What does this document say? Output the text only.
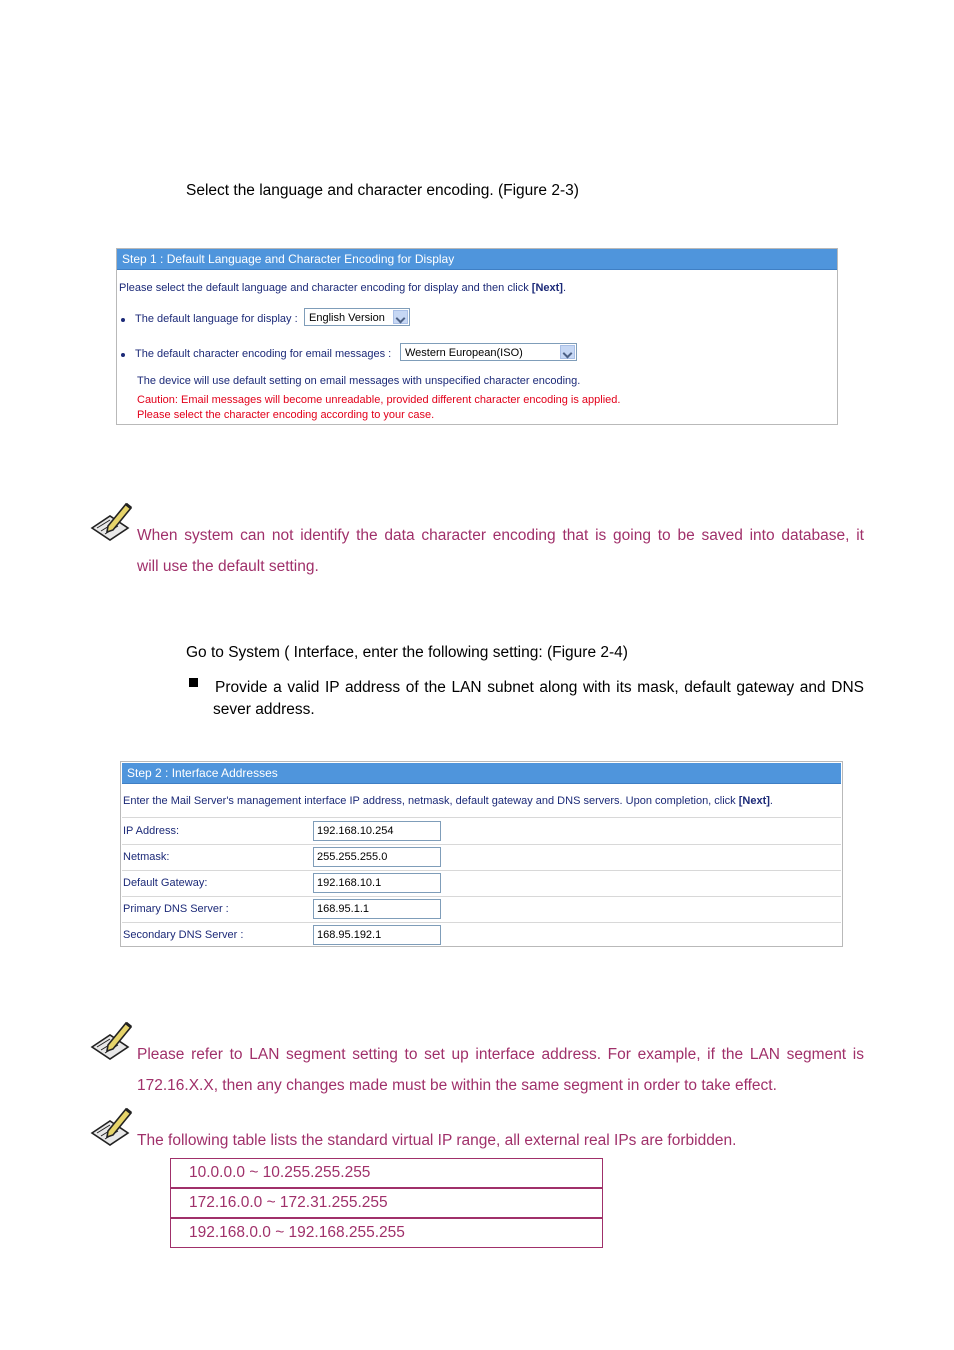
Select the language and character encoding. (Figure 2-3)
Step 1 : Default Language and Character Encoding for Display
Please select the default language and character encoding for display and then click [Next].
The default language for display :	English Version
The default character encoding for email messages :	Western European(ISO)
The device will use default setting on email messages with unspecified character encoding.
Caution: Email messages will become unreadable, provided different character encoding is applied.
Please select the character encoding according to your case.
When system can not identify the data character encoding that is going to be saved into database, it
will use the default setting.
Go to System ( Interface, enter the following setting: (Figure 2-4)
Provide a valid IP address of the LAN subnet along with its mask, default gateway and DNS
sever address.
Step 2 : Interface Addresses
Enter the Mail Server's management interface IP address, netmask, default gateway and DNS servers. Upon completion, click [Next].
IP Address:	192.168.10.254
Netmask:	255.255.255.0
Default Gateway:	192.168.10.1
Primary DNS Server :	168.95.1.1
Secondary DNS Server :	168.95.192.1
Please refer to LAN segment setting to set up interface address. For example, if the LAN segment is
172.16.X.X, then any changes made must be within the same segment in order to take effect.
The following table lists the standard virtual IP range, all external real IPs are forbidden.
10.0.0.0 ~ 10.255.255.255
172.16.0.0 ~ 172.31.255.255
192.168.0.0 ~ 192.168.255.255
